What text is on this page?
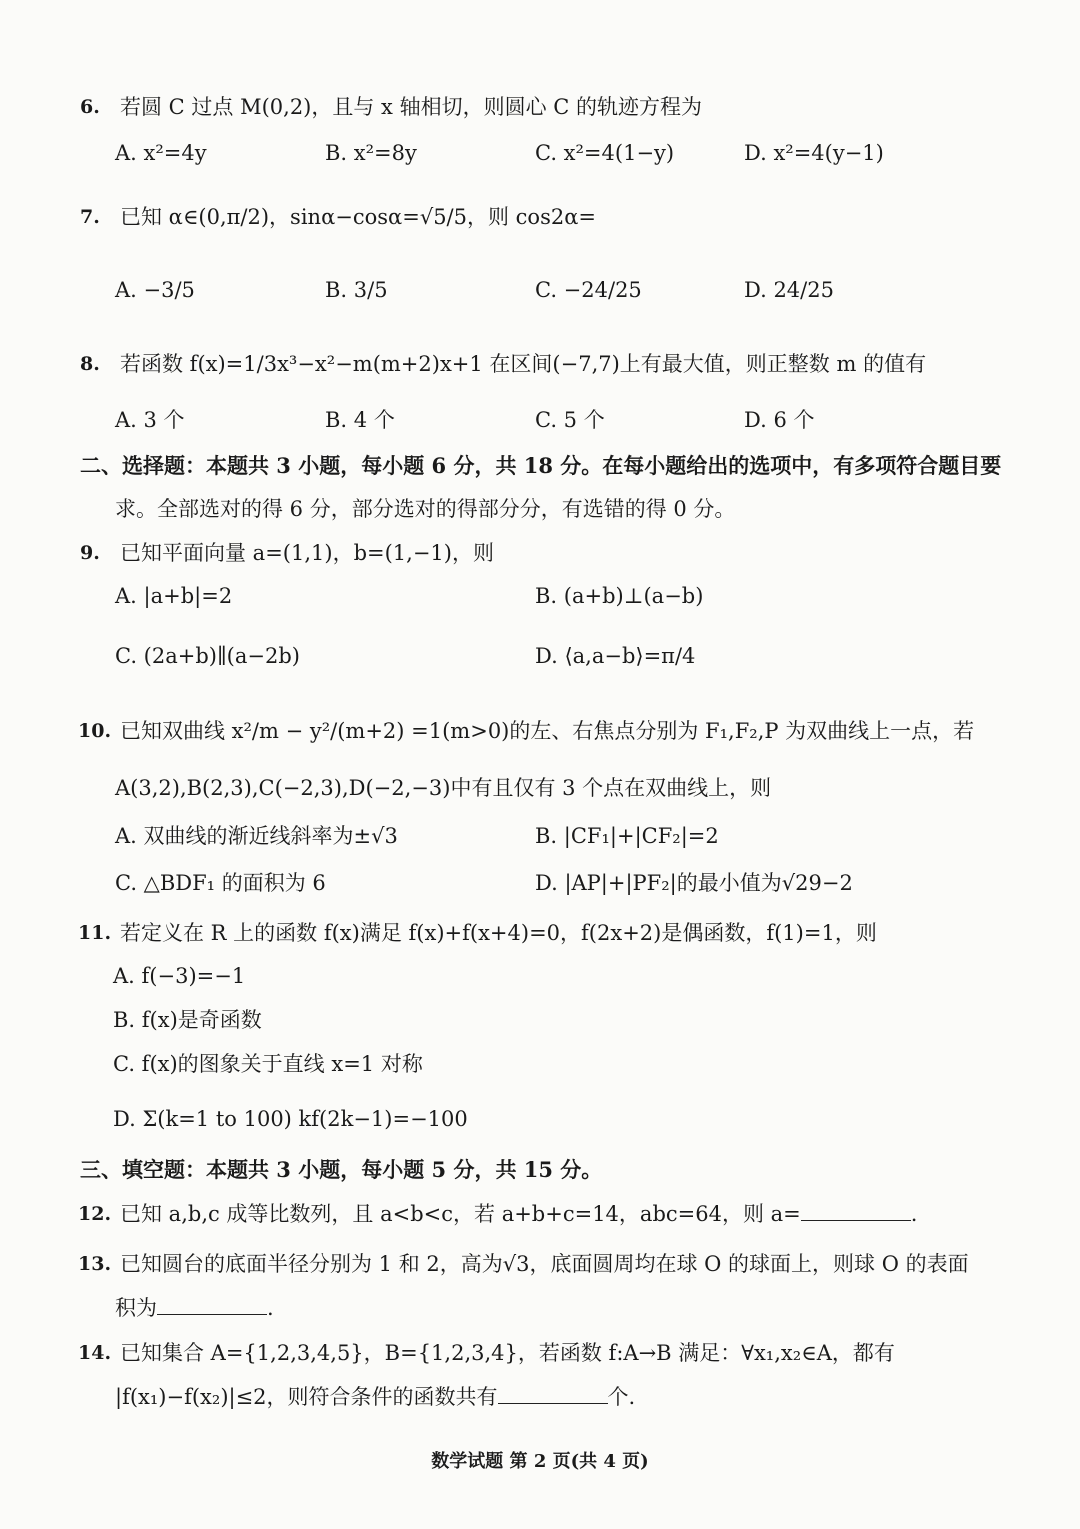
6. 若圆 C 过点 M(0,2)，且与 x 轴相切，则圆心 C 的轨迹方程为
A. x²=4y	B. x²=8y	C. x²=4(1−y)	D. x²=4(y−1)
7. 已知 α∈(0,π/2)，sinα−cosα=√5/5，则 cos2α=
A. −3/5	B. 3/5	C. −24/25	D. 24/25
8. 若函数 f(x)=1/3x³−x²−m(m+2)x+1 在区间(−7,7)上有最大值，则正整数 m 的值有
A. 3 个	B. 4 个	C. 5 个	D. 6 个
二、选择题：本题共 3 小题，每小题 6 分，共 18 分。在每小题给出的选项中，有多项符合题目要
求。全部选对的得 6 分，部分选对的得部分分，有选错的得 0 分。
9. 已知平面向量 a=(1,1)，b=(1,−1)，则
A. |a+b|=2	B. (a+b)⊥(a−b)
C. (2a+b)∥(a−2b)	D. ⟨a,a−b⟩=π/4
10. 已知双曲线 x²/m − y²/(m+2) =1(m>0)的左、右焦点分别为 F₁,F₂,P 为双曲线上一点，若
A(3,2),B(2,3),C(−2,3),D(−2,−3)中有且仅有 3 个点在双曲线上，则
A. 双曲线的渐近线斜率为±√3	B. |CF₁|+|CF₂|=2
C. △BDF₁ 的面积为 6	D. |AP|+|PF₂|的最小值为√29−2
11. 若定义在 R 上的函数 f(x)满足 f(x)+f(x+4)=0，f(2x+2)是偶函数，f(1)=1，则
A. f(−3)=−1
B. f(x)是奇函数
C. f(x)的图象关于直线 x=1 对称
D. Σ(k=1 to 100) kf(2k−1)=−100
三、填空题：本题共 3 小题，每小题 5 分，共 15 分。
12. 已知 a,b,c 成等比数列，且 a<b<c，若 a+b+c=14，abc=64，则 a=	.
13. 已知圆台的底面半径分别为 1 和 2，高为√3，底面圆周均在球 O 的球面上，则球 O 的表面
积为	.
14. 已知集合 A={1,2,3,4,5}，B={1,2,3,4}，若函数 f:A→B 满足：∀x₁,x₂∈A，都有
|f(x₁)−f(x₂)|≤2，则符合条件的函数共有	个.
数学试题 第 2 页(共 4 页)
